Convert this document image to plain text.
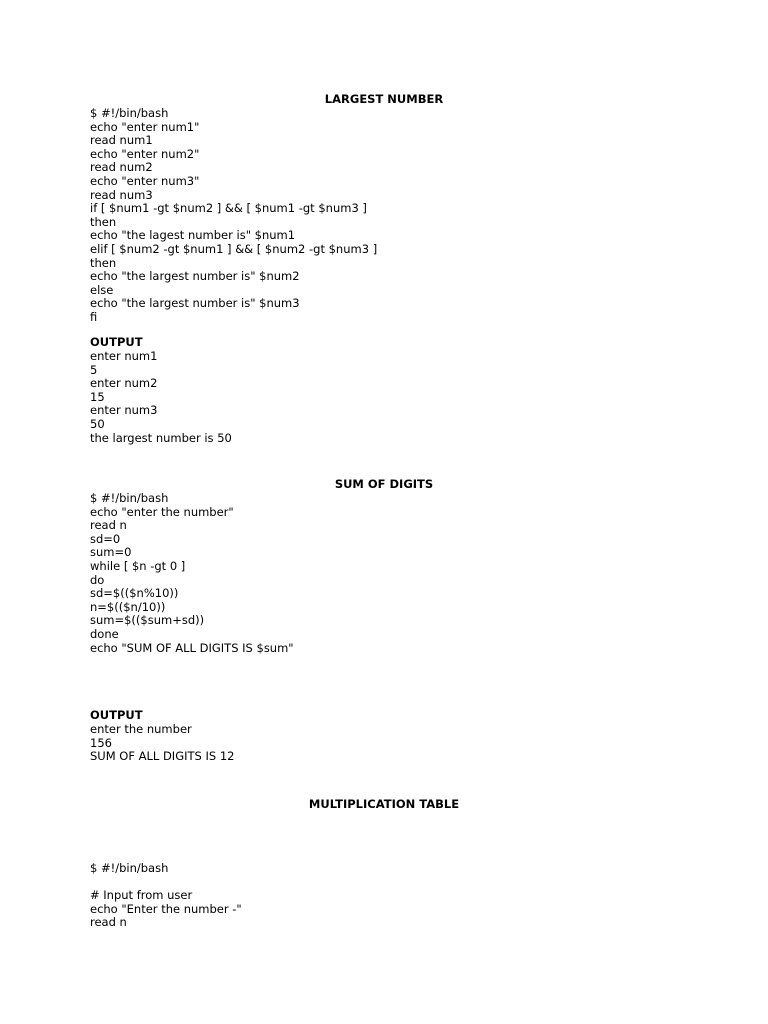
LARGEST NUMBER
$ #!/bin/bash
echo "enter num1"
read num1
echo "enter num2"
read num2
echo "enter num3"
read num3
if [ $num1 -gt $num2 ] && [ $num1 -gt $num3 ]
then
echo "the lagest number is" $num1
elif [ $num2 -gt $num1 ] && [ $num2 -gt $num3 ]
then
echo "the largest number is" $num2
else
echo "the largest number is" $num3
fi

OUTPUT

enter num1
5
enter num2
15
enter num3
50
the largest number is 50
SUM OF DIGITS
$ #!/bin/bash
echo "enter the number"
read n
sd=0
sum=0
while [ $n -gt 0 ]
do
sd=$(($n%10))
n=$(($n/10))
sum=$(($sum+sd))
done
echo "SUM OF ALL DIGITS IS $sum"

OUTPUT

enter the number
156
SUM OF ALL DIGITS IS 12
MULTIPLICATION TABLE
$ #!/bin/bash
# Input from user
echo "Enter the number -"
read n
